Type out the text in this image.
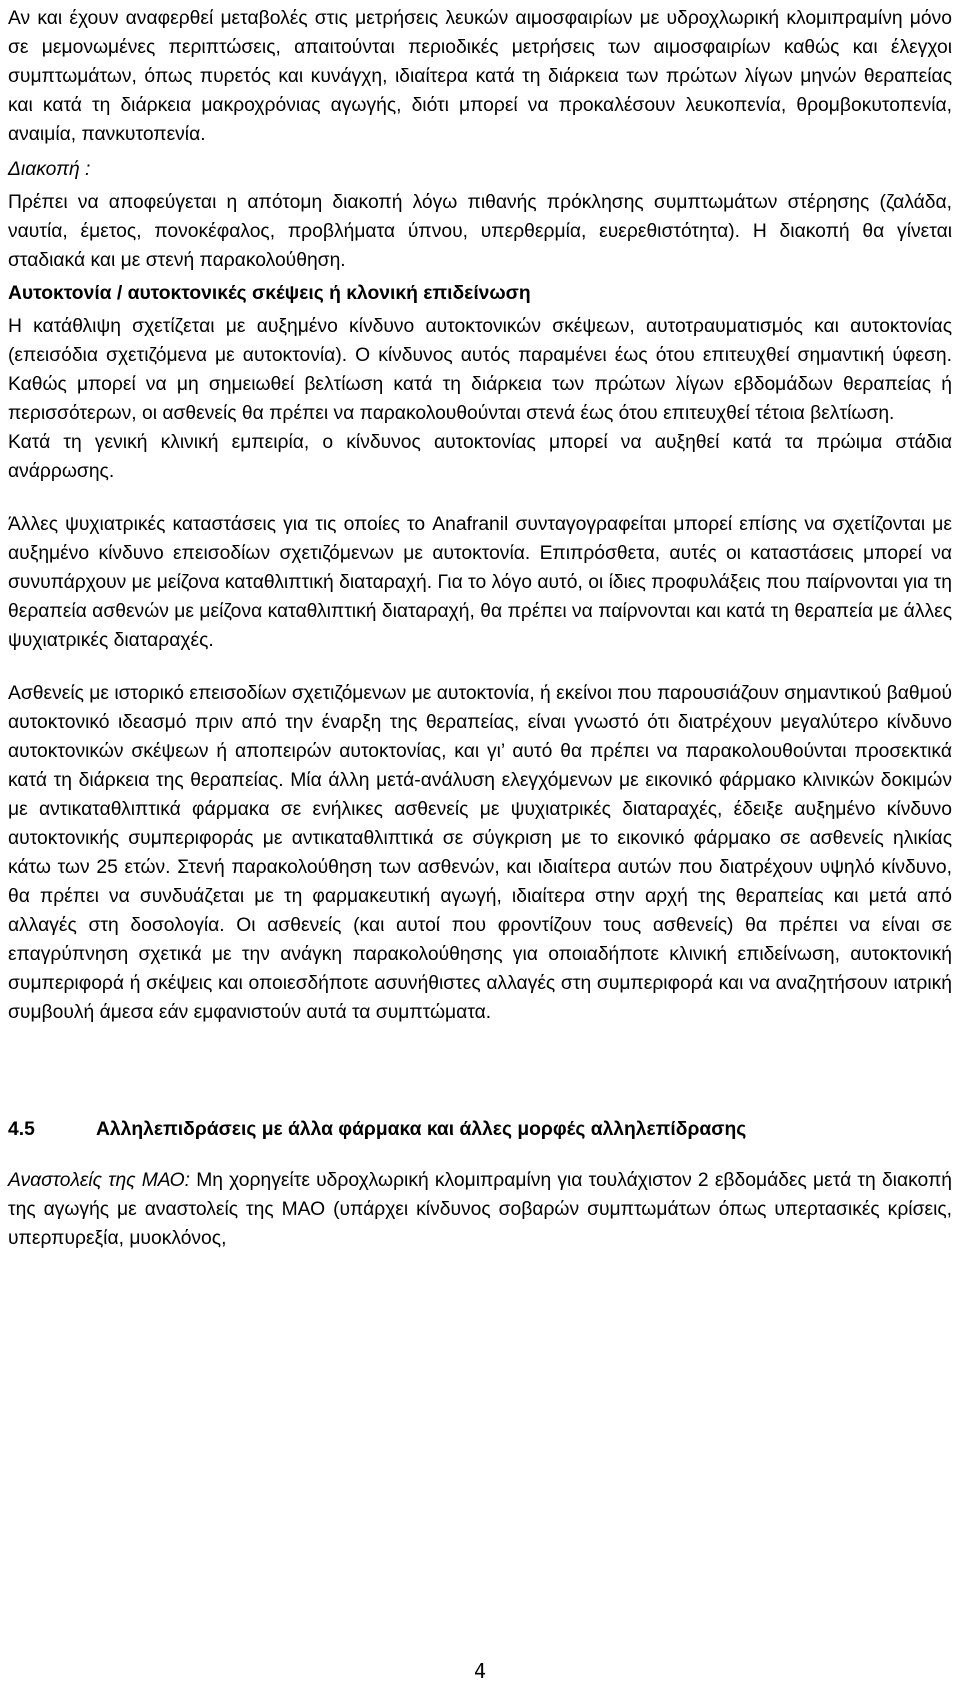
Αν και έχουν αναφερθεί μεταβολές στις μετρήσεις λευκών αιμοσφαιρίων με υδροχλωρική κλομιπραμίνη μόνο σε μεμονωμένες περιπτώσεις, απαιτούνται περιοδικές μετρήσεις των αιμοσφαιρίων καθώς και έλεγχοι συμπτωμάτων, όπως πυρετός και κυνάγχη, ιδιαίτερα κατά τη διάρκεια των πρώτων λίγων μηνών θεραπείας και κατά τη διάρκεια μακροχρόνιας αγωγής, διότι μπορεί να προκαλέσουν λευκοπενία, θρομβοκυτοπενία, αναιμία, πανκυτοπενία.

Διακοπή :

Πρέπει να αποφεύγεται η απότομη διακοπή λόγω πιθανής πρόκλησης συμπτωμάτων στέρησης (ζαλάδα, ναυτία, έμετος, πονοκέφαλος, προβλήματα ύπνου, υπερθερμία, ευερεθιστότητα). Η διακοπή θα γίνεται σταδιακά και με στενή παρακολούθηση.

Αυτοκτονία / αυτοκτονικές σκέψεις ή κλονική επιδείνωση

Η κατάθλιψη σχετίζεται με αυξημένο κίνδυνο αυτοκτονικών σκέψεων, αυτοτραυματισμός και αυτοκτονίας (επεισόδια σχετιζόμενα με αυτοκτονία). Ο κίνδυνος αυτός παραμένει έως ότου επιτευχθεί σημαντική ύφεση. Καθώς μπορεί να μη σημειωθεί βελτίωση κατά τη διάρκεια των πρώτων λίγων εβδομάδων θεραπείας ή περισσότερων, οι ασθενείς θα πρέπει να παρακολουθούνται στενά έως ότου επιτευχθεί τέτοια βελτίωση.

Κατά τη γενική κλινική εμπειρία, ο κίνδυνος αυτοκτονίας μπορεί να αυξηθεί κατά τα πρώιμα στάδια ανάρρωσης.

Άλλες ψυχιατρικές καταστάσεις για τις οποίες το Anafranil συνταγογραφείται μπορεί επίσης να σχετίζονται με αυξημένο κίνδυνο επεισοδίων σχετιζόμενων με αυτοκτονία. Επιπρόσθετα, αυτές οι καταστάσεις μπορεί να συνυπάρχουν με μείζονα καταθλιπτική διαταραχή. Για το λόγο αυτό, οι ίδιες προφυλάξεις που παίρνονται για τη θεραπεία ασθενών με μείζονα καταθλιπτική διαταραχή, θα πρέπει να παίρνονται και κατά τη θεραπεία με άλλες ψυχιατρικές διαταραχές.

Ασθενείς με ιστορικό επεισοδίων σχετιζόμενων με αυτοκτονία, ή εκείνοι που παρουσιάζουν σημαντικού βαθμού αυτοκτονικό ιδεασμό πριν από την έναρξη της θεραπείας, είναι γνωστό ότι διατρέχουν μεγαλύτερο κίνδυνο αυτοκτονικών σκέψεων ή αποπειρών αυτοκτονίας, και γι’ αυτό θα πρέπει να παρακολουθούνται προσεκτικά κατά τη διάρκεια της θεραπείας. Μία άλλη μετά-ανάλυση ελεγχόμενων με εικονικό φάρμακο κλινικών δοκιμών με αντικαταθλιπτικά φάρμακα σε ενήλικες ασθενείς με ψυχιατρικές διαταραχές, έδειξε αυξημένο κίνδυνο αυτοκτονικής συμπεριφοράς με αντικαταθλιπτικά σε σύγκριση με το εικονικό φάρμακο σε ασθενείς ηλικίας κάτω των 25 ετών. Στενή παρακολούθηση των ασθενών, και ιδιαίτερα αυτών που διατρέχουν υψηλό κίνδυνο, θα πρέπει να συνδυάζεται με τη φαρμακευτική αγωγή, ιδιαίτερα στην αρχή της θεραπείας και μετά από αλλαγές στη δοσολογία. Οι ασθενείς (και αυτοί που φροντίζουν τους ασθενείς) θα πρέπει να είναι σε επαγρύπνηση σχετικά με την ανάγκη παρακολούθησης για οποιαδήποτε κλινική επιδείνωση, αυτοκτονική συμπεριφορά ή σκέψεις και οποιεσδήποτε ασυνήθιστες αλλαγές στη συμπεριφορά και να αναζητήσουν ιατρική συμβουλή άμεσα εάν εμφανιστούν αυτά τα συμπτώματα.

4.5	Αλληλεπιδράσεις με άλλα φάρμακα και άλλες μορφές αλληλεπίδρασης

Αναστολείς της ΜΑΟ: Μη χορηγείτε υδροχλωρική κλομιπραμίνη για τουλάχιστον 2 εβδομάδες μετά τη διακοπή της αγωγής με αναστολείς της ΜΑΟ (υπάρχει κίνδυνος σοβαρών συμπτωμάτων όπως υπερτασικές κρίσεις, υπερπυρεξία, μυοκλόνος,

4
